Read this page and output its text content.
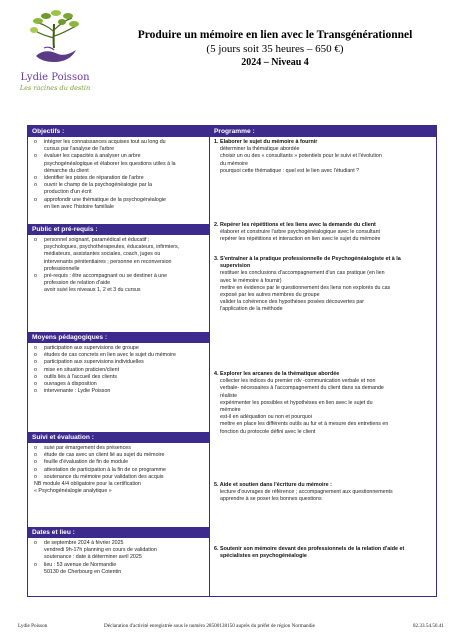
Lydie Poisson
Les racines du destin
Produire un mémoire en lien avec le Transgénérationnel
(5 jours soit 35 heures – 650 €)
2024 – Niveau 4
Objectifs :
o intégrer les connaissances acquises tout au long du
cursus par l'analyse de l'arbre
o évaluer les capacités à analyser un arbre
psychogénéalogique et élaborer les questions utiles à la
démarche du client
o identifier les pistes de réparation de l'arbre
o ouvrir le champ de la psychogénéalogie par la
production d'un écrit
o approfondir une thématique de la psychogénéalogie
en lien avec l'histoire familiale
Public et pré-requis :
o personnel soignant, paramédical et éducatif ;
psychologues, psychothérapeutes, éducateurs, infirmiers,
médiateurs, assistantes sociales, coach, juges ou
intervenants pénitentiaires ; personne en reconversion
professionnelle
o pré-requis : être accompagnant ou se destiner à une
profession de relation d'aide
avoir suivi les niveaux 1, 2 et 3 du cursus
Moyens pédagogiques :
o participation aux supervisions de groupe
o études de cas concrets en lien avec le sujet du mémoire
o participation aux supervisions individuelles
o mise en situation praticien/client
o outils liés à l'accueil des clients
o ouvrages à disposition
o intervenante : Lydie Poisson
Suivi et évaluation :
o suivi par émargement des présences
o étude de cas avec un client lié au sujet du mémoire
o feuille d'évaluation de fin de module
o attestation de participation à la fin de ce programme
o soutenance du mémoire pour validation des acquis
NB module 4/4 obligatoire pour la certification
« Psychogénéalogie analytique »
Dates et lieu :
o de septembre 2024 à février 2025
vendredi 9h-17h planning en cours de validation
soutenance : date à déterminer avril 2025
o lieu : 53 avenue de Normandie
50130 de Cherbourg en Cotentin
Programme :
1. Elaborer le sujet du mémoire à fournir
déterminer la thématique abordée
choisir un ou des « consultants » potentiels pour le suivi et l'évolution
du mémoire
pourquoi cette thématique : quel est le lien avec l'étudiant ?
2. Repérer les répétitions et les liens avec la demande du client
élaborer et construire l'arbre psychogénéalogique avec le consultant
repérer les répétitions et interaction en lien avec le sujet du mémoire
3. S'entraîner à la pratique professionnelle de Psychogénéalogiste et à la
supervision
restituer les conclusions d'accompagnement d'un cas pratique (en lien
avec le mémoire à fournir)
mettre en évidence par le questionnement des liens non explorés du cas
exposé par les autres membres du groupe
valider la cohérence des hypothèses posées découvertes par
l'application de la méthode
4. Explorer les arcanes de la thématique abordée
collecter les indices du premier rdv -communication verbale et non
verbale- nécessaires à l'accompagnement du client dans sa demande
réaliste
expérimenter les possibles et hypothèses en lien avec le sujet du
mémoire
est-il en adéquation ou non et pourquoi
mettre en place les différents outils au fur et à mesure des entretiens en
fonction du protocole défini avec le client
5. Aide et soutien dans l'écriture du mémoire :
lecture d'ouvrages de référence ; accompagnement aux questionnements
apprendre à se poser les bonnes questions
6. Soutenir son mémoire devant des professionnels de la relation d'aide et
spécialistes en psychogénéalogie
Lydie Poisson	Déclaration d'activité enregistrée sous le numéro 28500138150 auprès du préfet de région Normandie	02.33.54.56.41
